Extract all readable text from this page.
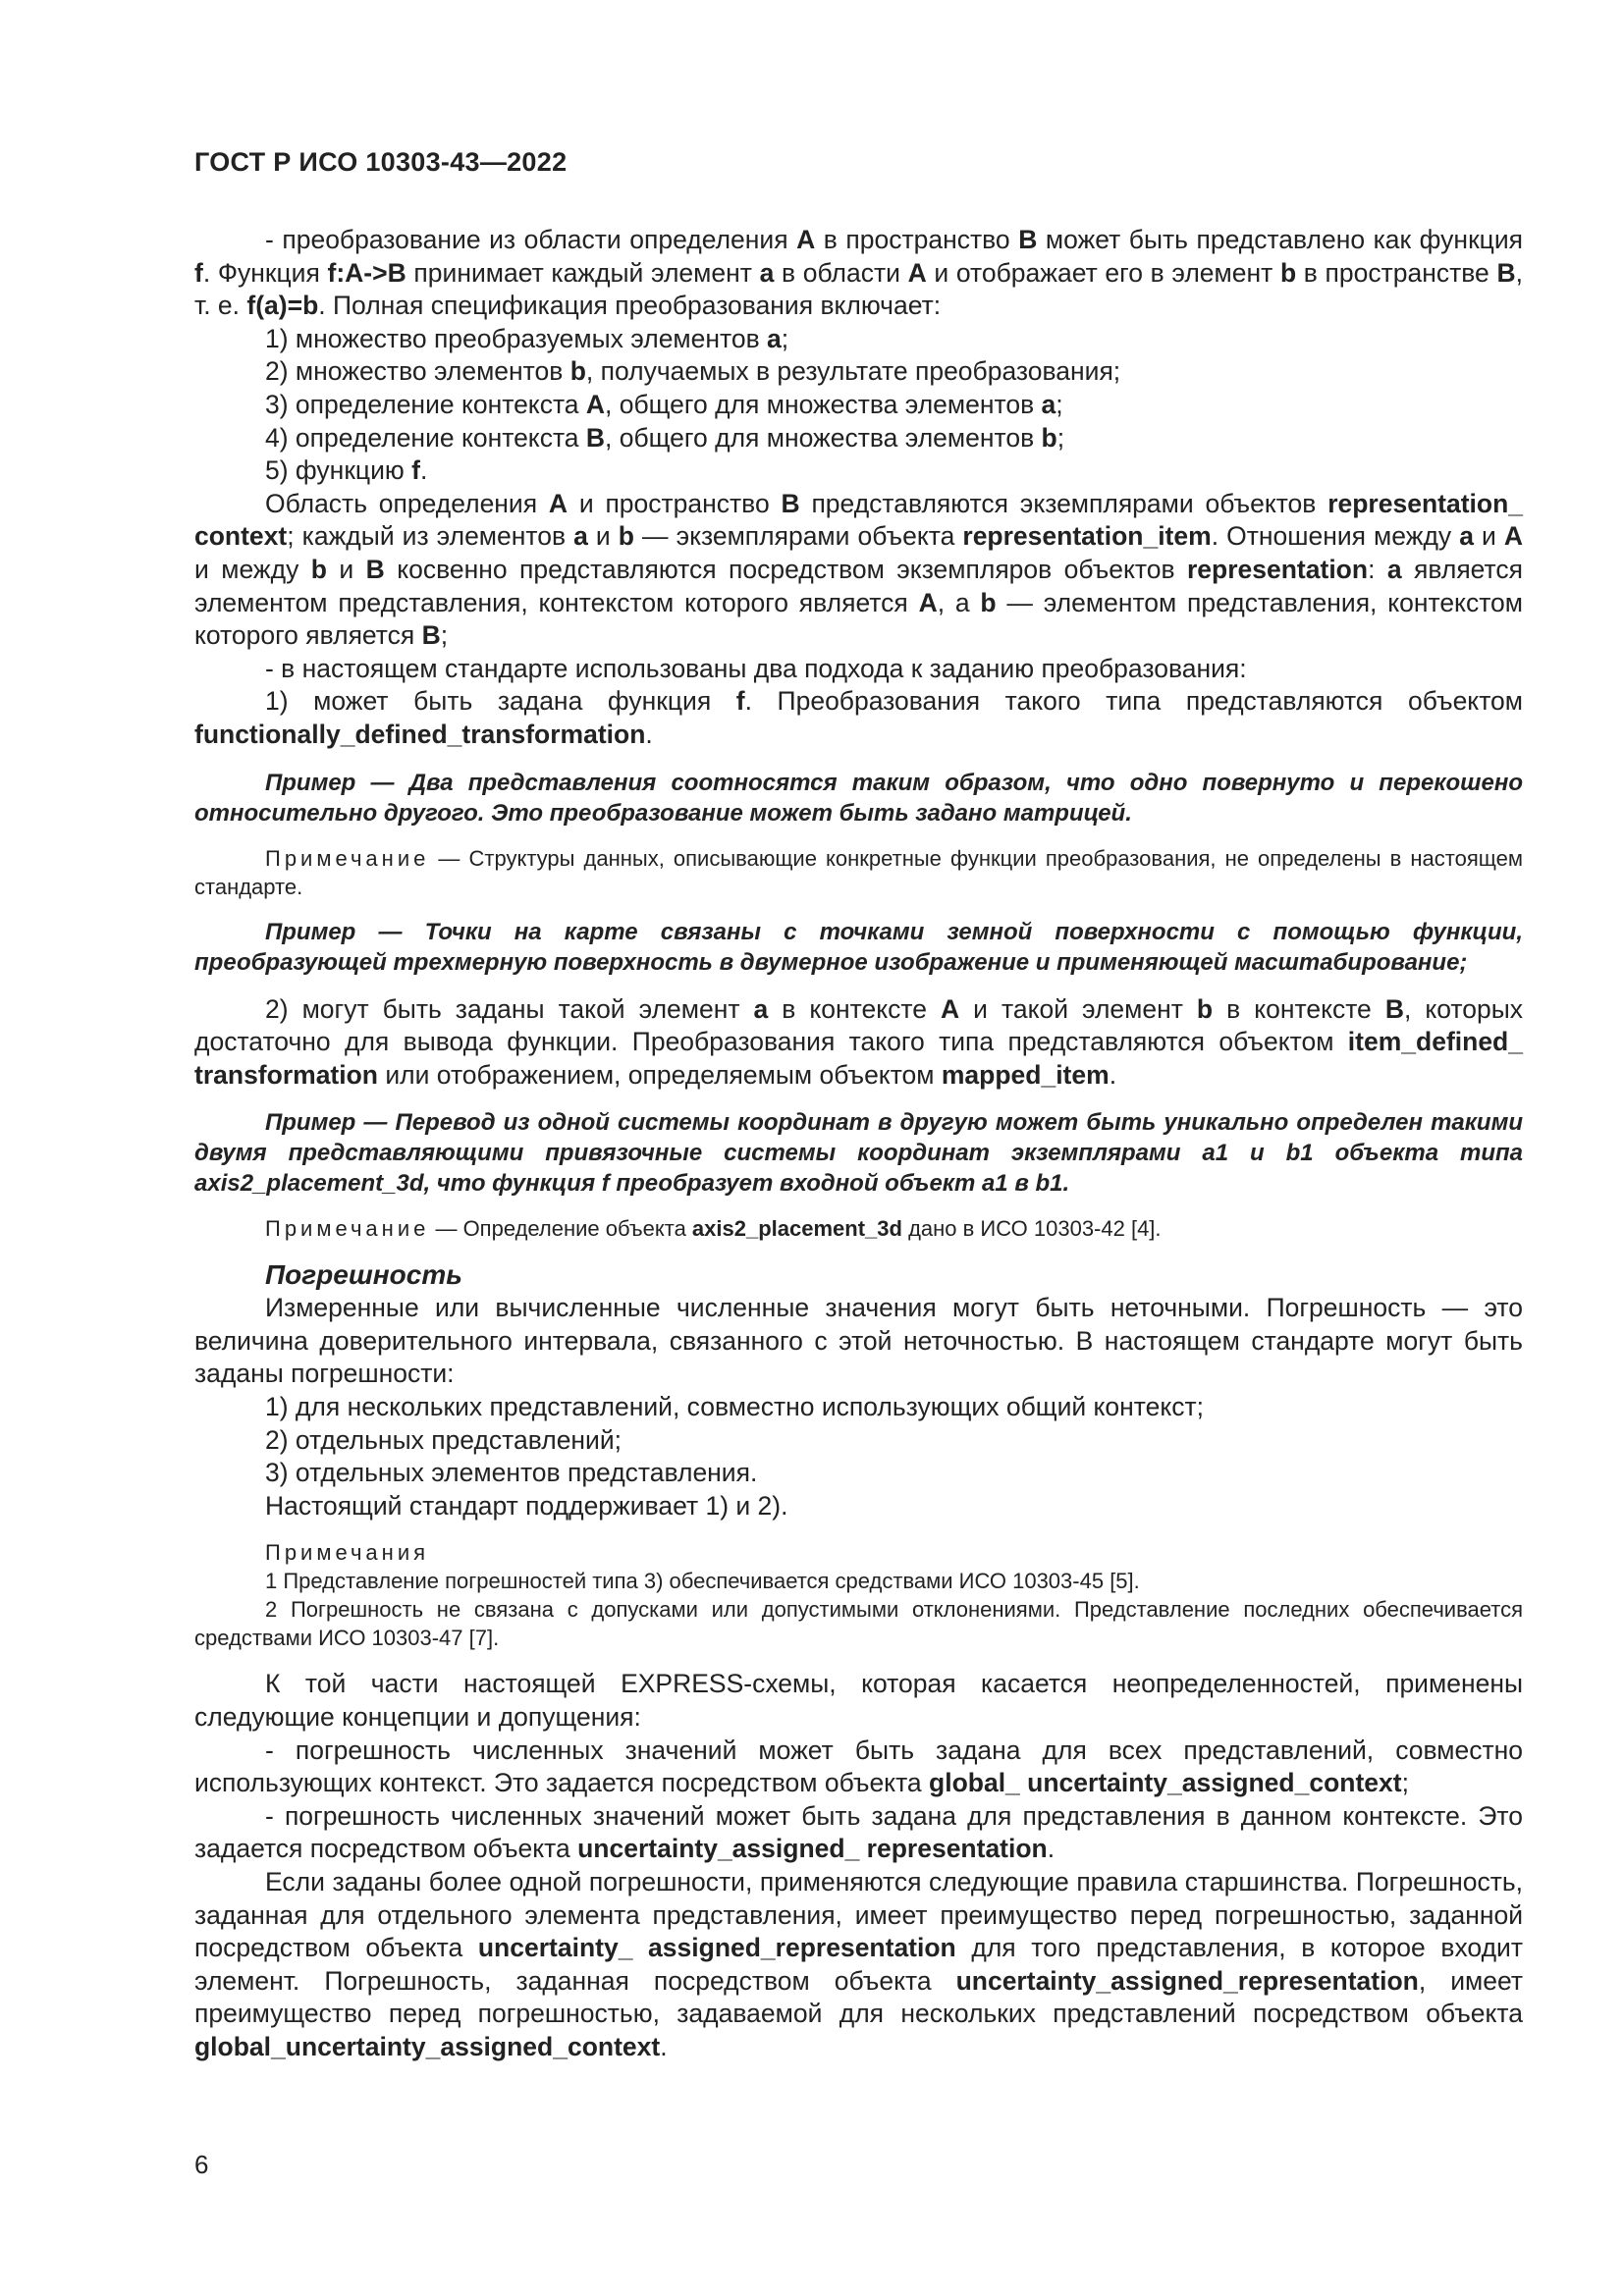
ГОСТ Р ИСО 10303-43—2022

- преобразование из области определения A в пространство B может быть представлено как функция f. Функция f:A->B принимает каждый элемент a в области A и отображает его в элемент b в пространстве B, т. е. f(a)=b. Полная спецификация преобразования включает:

1) множество преобразуемых элементов a;

2) множество элементов b, получаемых в результате преобразования;

3) определение контекста A, общего для множества элементов a;

4) определение контекста B, общего для множества элементов b;

5) функцию f.

Область определения A и пространство B представляются экземплярами объектов representation_ context; каждый из элементов a и b — экземплярами объекта representation_item. Отношения между a и A и между b и B косвенно представляются посредством экземпляров объектов representation: a является элементом представления, контекстом которого является A, а b — элементом представления, контекстом которого является B;

- в настоящем стандарте использованы два подхода к заданию преобразования:

1) может быть задана функция f. Преобразования такого типа представляются объектом functionally_defined_transformation.

Пример — Два представления соотносятся таким образом, что одно повернуто и перекошено относительно другого. Это преобразование может быть задано матрицей.

Примечание — Структуры данных, описывающие конкретные функции преобразования, не определены в настоящем стандарте.

Пример — Точки на карте связаны с точками земной поверхности с помощью функции, преобразующей трехмерную поверхность в двумерное изображение и применяющей масштабирование;

2) могут быть заданы такой элемент a в контексте A и такой элемент b в контексте B, которых достаточно для вывода функции. Преобразования такого типа представляются объектом item_defined_ transformation или отображением, определяемым объектом mapped_item.

Пример — Перевод из одной системы координат в другую может быть уникально определен такими двумя представляющими привязочные системы координат экземплярами a1 и b1 объекта типа axis2_placement_3d, что функция f преобразует входной объект a1 в b1.

Примечание — Определение объекта axis2_placement_3d дано в ИСО 10303-42 [4].

Погрешность

Измеренные или вычисленные численные значения могут быть неточными. Погрешность — это величина доверительного интервала, связанного с этой неточностью. В настоящем стандарте могут быть заданы погрешности:

1) для нескольких представлений, совместно использующих общий контекст;

2) отдельных представлений;

3) отдельных элементов представления.

Настоящий стандарт поддерживает 1) и 2).

Примечания

1 Представление погрешностей типа 3) обеспечивается средствами ИСО 10303-45 [5].

2 Погрешность не связана с допусками или допустимыми отклонениями. Представление последних обеспечивается средствами ИСО 10303-47 [7].

К той части настоящей EXPRESS-схемы, которая касается неопределенностей, применены следующие концепции и допущения:

- погрешность численных значений может быть задана для всех представлений, совместно использующих контекст. Это задается посредством объекта global_ uncertainty_assigned_context;

- погрешность численных значений может быть задана для представления в данном контексте. Это задается посредством объекта uncertainty_assigned_ representation.

Если заданы более одной погрешности, применяются следующие правила старшинства. Погрешность, заданная для отдельного элемента представления, имеет преимущество перед погрешностью, заданной посредством объекта uncertainty_ assigned_representation для того представления, в которое входит элемент. Погрешность, заданная посредством объекта uncertainty_assigned_representation, имеет преимущество перед погрешностью, задаваемой для нескольких представлений посредством объекта global_uncertainty_assigned_context.

6
